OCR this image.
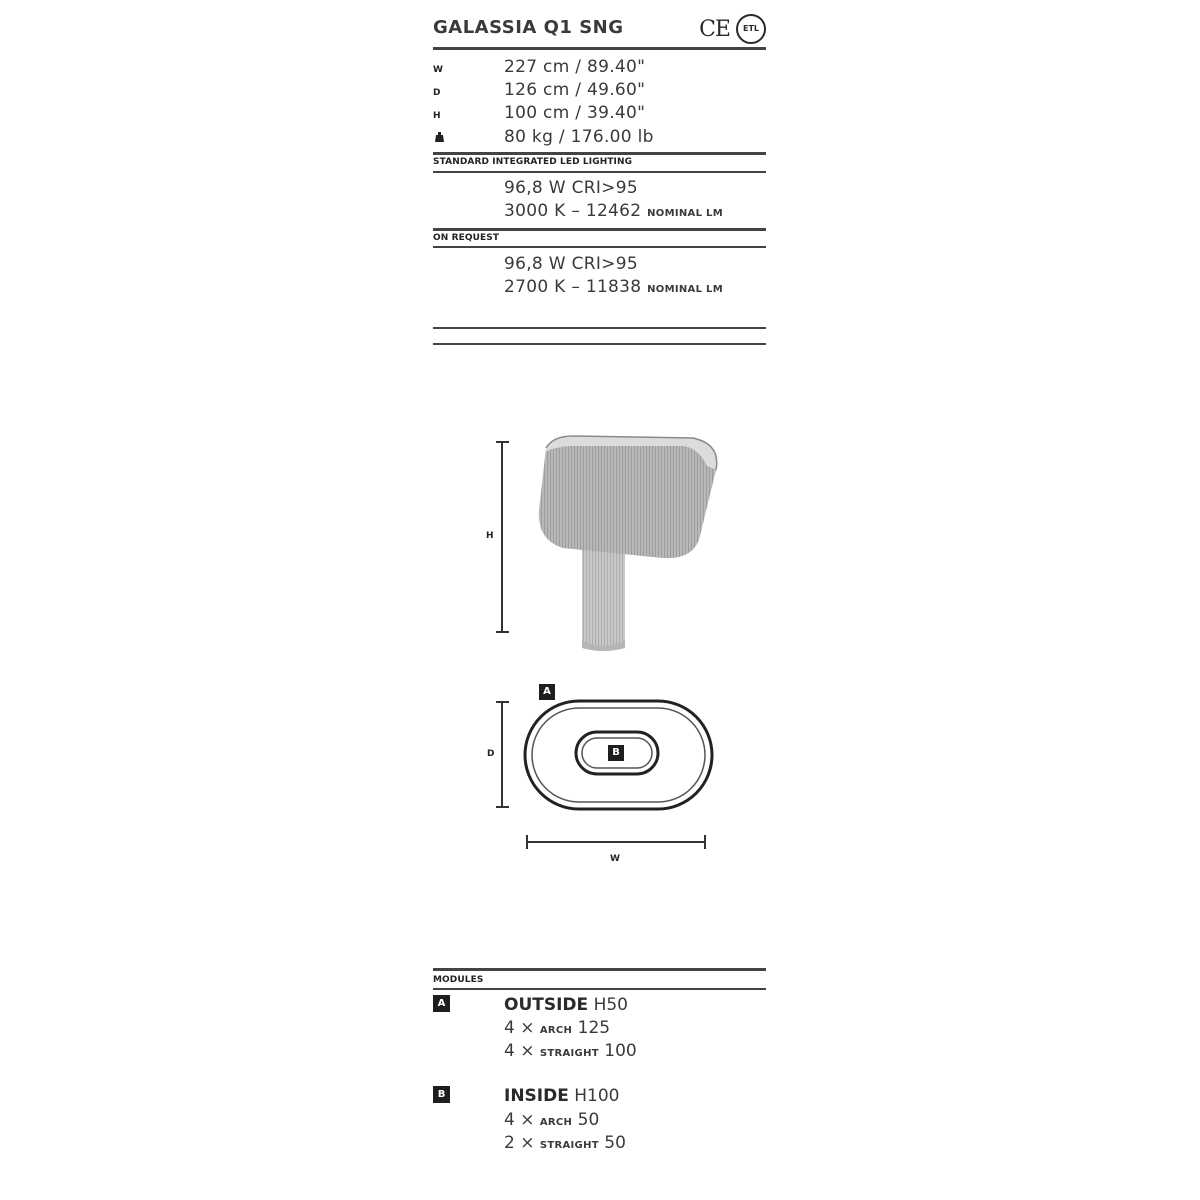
GALASSIA Q1 SNG	CE	ETL
W	227 cm / 89.40"
D	126 cm / 49.60"
H	100 cm / 39.40"
80 kg / 176.00 lb
STANDARD INTEGRATED LED LIGHTING
96,8 W CRI>95
3000 K – 12462 NOMINAL LM
ON REQUEST
96,8 W CRI>95
2700 K – 11838 NOMINAL LM
H
D
W
A
B
MODULES
A	OUTSIDE H50
4 × ARCH 125
4 × STRAIGHT 100
B	INSIDE H100
4 × ARCH 50
2 × STRAIGHT 50
